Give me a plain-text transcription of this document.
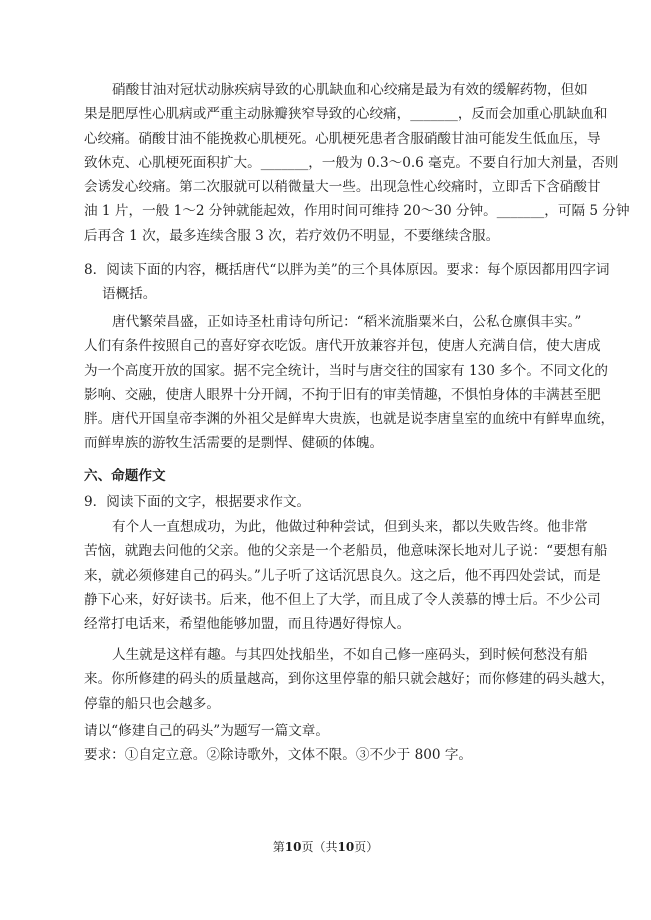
硝酸甘油对冠状动脉疾病导致的心肌缺血和心绞痛是最为有效的缓解药物，但如
果是肥厚性心肌病或严重主动脉瓣狭窄导致的心绞痛，_______，反而会加重心肌缺血和
心绞痛。硝酸甘油不能挽救心肌梗死。心肌梗死患者含服硝酸甘油可能发生低血压，导
致休克、心肌梗死面积扩大。_______，一般为 0.3～0.6 毫克。不要自行加大剂量，否则
会诱发心绞痛。第二次服就可以稍微量大一些。出现急性心绞痛时，立即舌下含硝酸甘
油 1 片，一般 1～2 分钟就能起效，作用时间可维持 20～30 分钟。_______，可隔 5 分钟
后再含 1 次，最多连续含服 3 次，若疗效仍不明显，不要继续含服。
8．阅读下面的内容，概括唐代“以胖为美”的三个具体原因。要求：每个原因都用四字词
语概括。
唐代繁荣昌盛，正如诗圣杜甫诗句所记：“稻米流脂粟米白，公私仓廪俱丰实。”
人们有条件按照自己的喜好穿衣吃饭。唐代开放兼容并包，使唐人充满自信，使大唐成
为一个高度开放的国家。据不完全统计，当时与唐交往的国家有 130 多个。不同文化的
影响、交融，使唐人眼界十分开阔，不拘于旧有的审美情趣，不惧怕身体的丰满甚至肥
胖。唐代开国皇帝李渊的外祖父是鲜卑大贵族，也就是说李唐皇室的血统中有鲜卑血统，
而鲜卑族的游牧生活需要的是剽悍、健硕的体魄。
六、命题作文
9．阅读下面的文字，根据要求作文。
有个人一直想成功，为此，他做过种种尝试，但到头来，都以失败告终。他非常
苦恼，就跑去问他的父亲。他的父亲是一个老船员，他意味深长地对儿子说：“要想有船
来，就必须修建自己的码头。”儿子听了这话沉思良久。这之后，他不再四处尝试，而是
静下心来，好好读书。后来，他不但上了大学，而且成了令人羡慕的博士后。不少公司
经常打电话来，希望他能够加盟，而且待遇好得惊人。
人生就是这样有趣。与其四处找船坐，不如自己修一座码头，到时候何愁没有船
来。你所修建的码头的质量越高，到你这里停靠的船只就会越好；而你修建的码头越大，
停靠的船只也会越多。
请以“修建自己的码头”为题写一篇文章。
要求：①自定立意。②除诗歌外，文体不限。③不少于 800 字。
第10页（共10页）
